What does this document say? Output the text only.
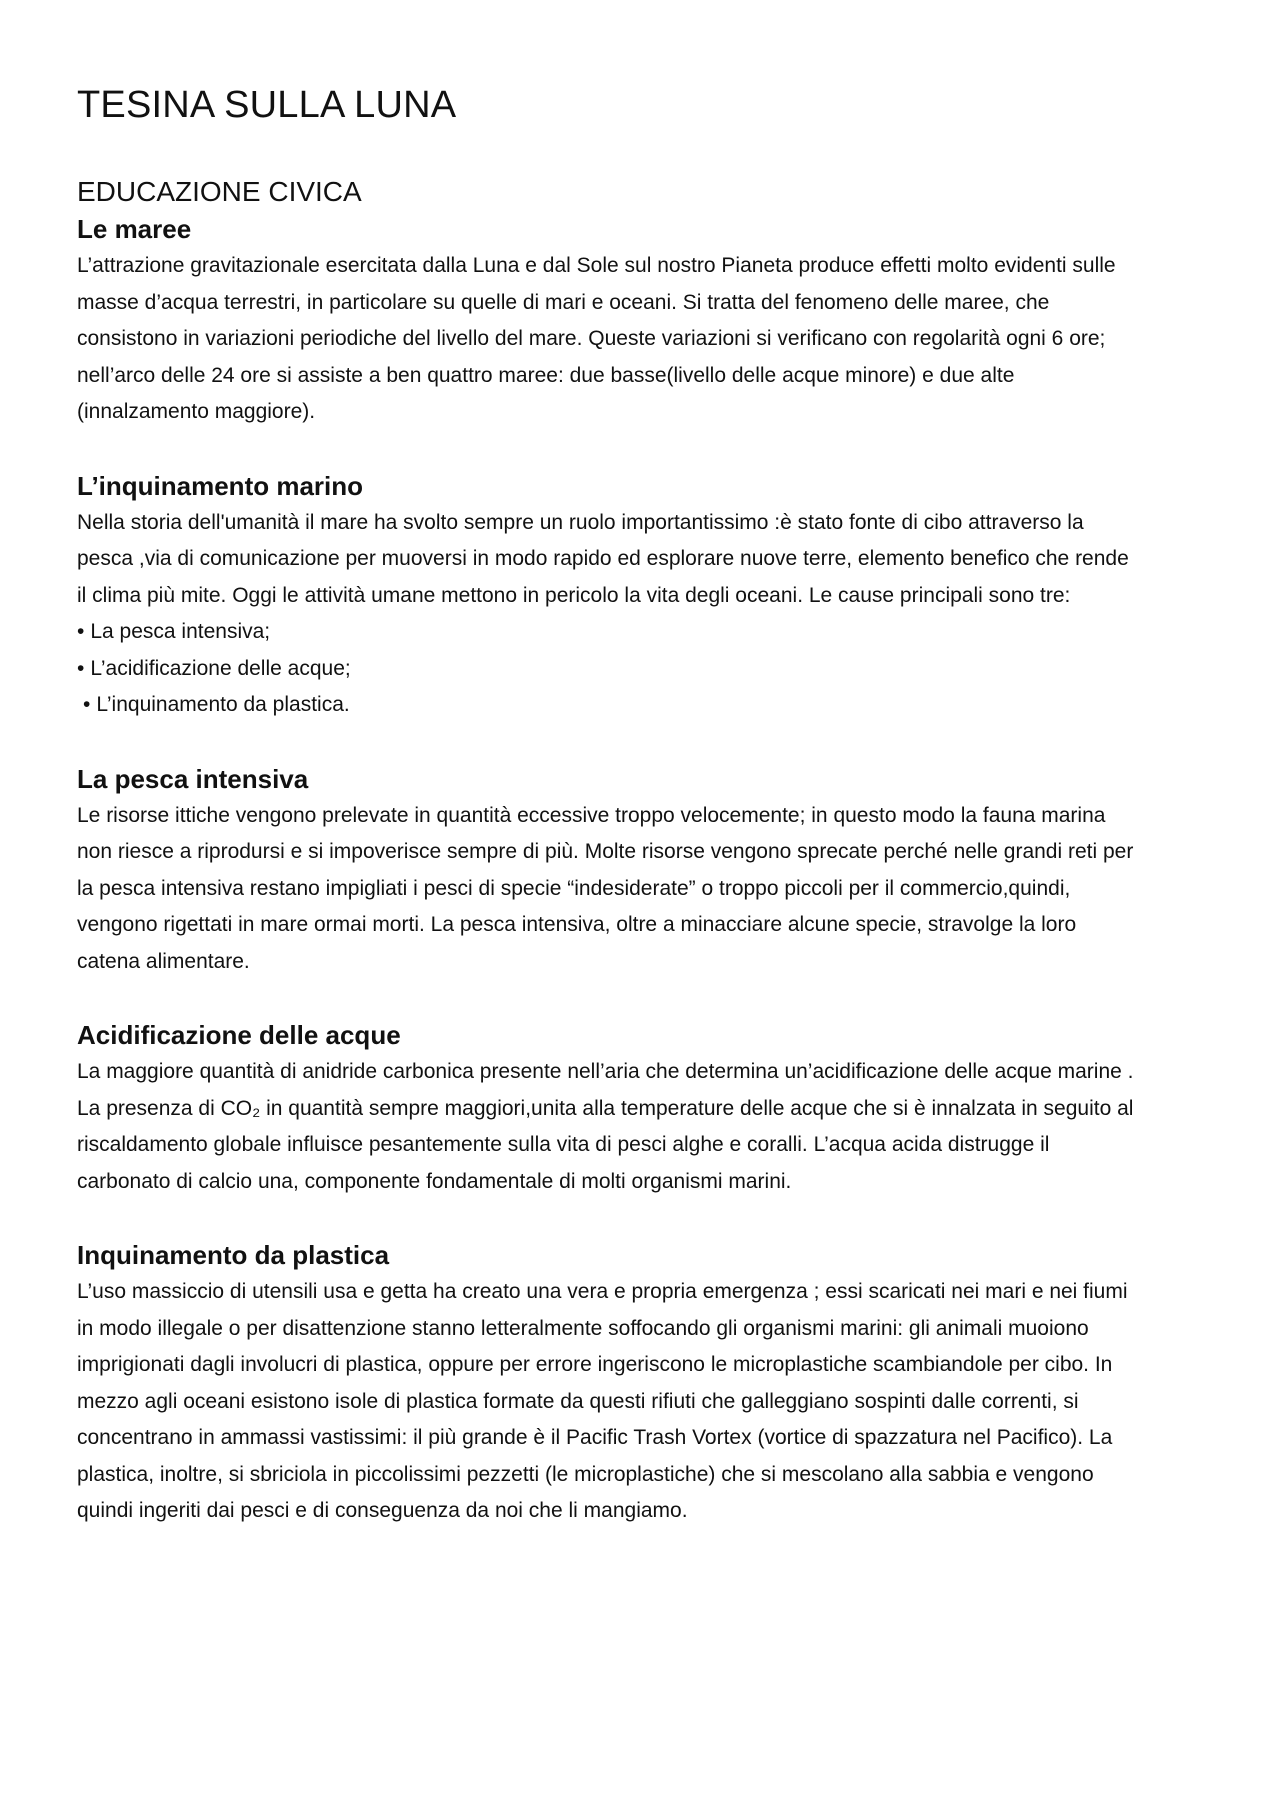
TESINA SULLA LUNA
EDUCAZIONE CIVICA
Le maree

L’attrazione gravitazionale esercitata dalla Luna e dal Sole sul nostro Pianeta produce effetti molto evidenti sulle masse d’acqua terrestri, in particolare su quelle di mari e oceani. Si tratta del fenomeno delle maree, che consistono in variazioni periodiche del livello del mare. Queste variazioni si verificano con regolarità ogni 6 ore; nell’arco delle 24 ore si assiste a ben quattro maree: due basse(livello delle acque minore) e due alte (innalzamento maggiore).

L’inquinamento marino

Nella storia dell'umanità il mare ha svolto sempre un ruolo importantissimo :è stato fonte di cibo attraverso la pesca ,via di comunicazione per muoversi in modo rapido ed esplorare nuove terre, elemento benefico che rende il clima più mite. Oggi le attività umane mettono in pericolo la vita degli oceani. Le cause principali sono tre:

• La pesca intensiva;
• L’acidificazione delle acque;
• L’inquinamento da plastica.
La pesca intensiva

Le risorse ittiche vengono prelevate in quantità eccessive troppo velocemente; in questo modo la fauna marina non riesce a riprodursi e si impoverisce sempre di più. Molte risorse vengono sprecate perché nelle grandi reti per la pesca intensiva restano impigliati i pesci di specie “indesiderate” o troppo piccoli per il commercio,quindi, vengono rigettati in mare ormai morti. La pesca intensiva, oltre a minacciare alcune specie, stravolge la loro catena alimentare.

Acidificazione delle acque

La maggiore quantità di anidride carbonica presente nell’aria che determina un’acidificazione delle acque marine . La presenza di CO₂ in quantità sempre maggiori,unita alla temperature delle acque che si è innalzata in seguito al riscaldamento globale influisce pesantemente sulla vita di pesci alghe e coralli. L’acqua acida distrugge il carbonato di calcio una, componente fondamentale di molti organismi marini.

Inquinamento da plastica

L’uso massiccio di utensili usa e getta ha creato una vera e propria emergenza ; essi scaricati nei mari e nei fiumi in modo illegale o per disattenzione stanno letteralmente soffocando gli organismi marini: gli animali muoiono imprigionati dagli involucri di plastica, oppure per errore ingeriscono le microplastiche scambiandole per cibo. In mezzo agli oceani esistono isole di plastica formate da questi rifiuti che galleggiano sospinti dalle correnti, si concentrano in ammassi vastissimi: il più grande è il Pacific Trash Vortex (vortice di spazzatura nel Pacifico). La plastica, inoltre, si sbriciola in piccolissimi pezzetti (le microplastiche) che si mescolano alla sabbia e vengono quindi ingeriti dai pesci e di conseguenza da noi che li mangiamo.
